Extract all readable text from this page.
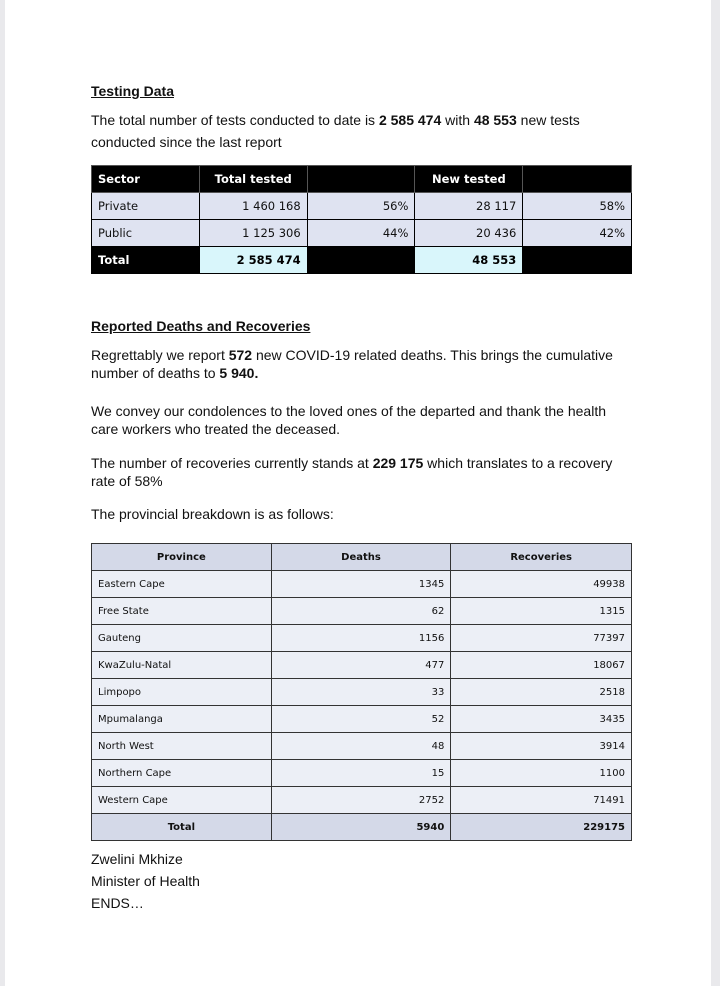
Testing Data
The total number of tests conducted to date is 2 585 474 with 48 553 new tests conducted since the last report
Sector	Total tested		New tested	
Private	1 460 168	56%	28 117	58%
Public	1 125 306	44%	20 436	42%
Total	2 585 474		48 553	
Reported Deaths and Recoveries
Regrettably we report 572 new COVID-19 related deaths. This brings the cumulative number of deaths to 5 940.
We convey our condolences to the loved ones of the departed and thank the health care workers who treated the deceased.
The number of recoveries currently stands at 229 175 which translates to a recovery rate of 58%
The provincial breakdown is as follows:
Province	Deaths	Recoveries
Eastern Cape	1345	49938
Free State	62	1315
Gauteng	1156	77397
KwaZulu-Natal	477	18067
Limpopo	33	2518
Mpumalanga	52	3435
North West	48	3914
Northern Cape	15	1100
Western Cape	2752	71491
Total	5940	229175
Zwelini Mkhize
Minister of Health
ENDS…
